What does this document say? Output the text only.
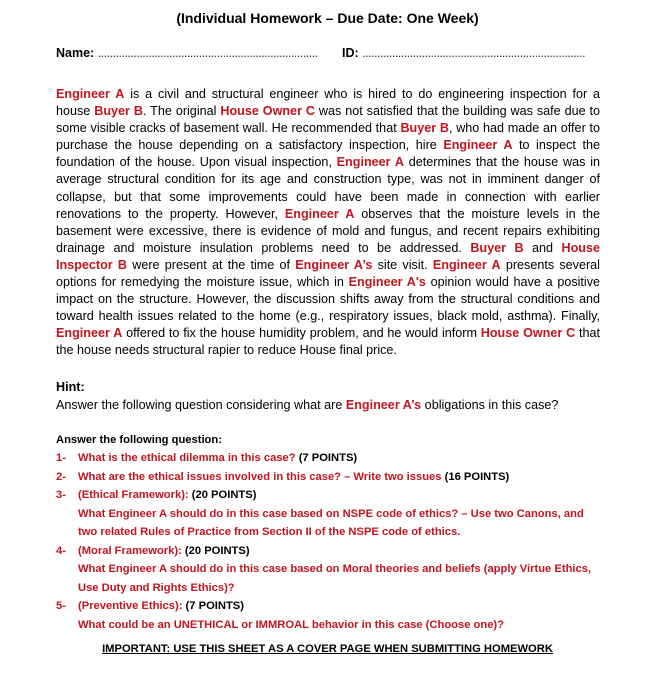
(Individual Homework – Due Date: One Week)
Name: .......................................................................... ID: ...........................................................................
Engineer A is a civil and structural engineer who is hired to do engineering inspection for a house Buyer B. The original House Owner C was not satisfied that the building was safe due to some visible cracks of basement wall. He recommended that Buyer B, who had made an offer to purchase the house depending on a satisfactory inspection, hire Engineer A to inspect the foundation of the house. Upon visual inspection, Engineer A determines that the house was in average structural condition for its age and construction type, was not in imminent danger of collapse, but that some improvements could have been made in connection with earlier renovations to the property. However, Engineer A observes that the moisture levels in the basement were excessive, there is evidence of mold and fungus, and recent repairs exhibiting drainage and moisture insulation problems need to be addressed. Buyer B and House Inspector B were present at the time of Engineer A’s site visit. Engineer A presents several options for remedying the moisture issue, which in Engineer A's opinion would have a positive impact on the structure. However, the discussion shifts away from the structural conditions and toward health issues related to the home (e.g., respiratory issues, black mold, asthma). Finally, Engineer A offered to fix the house humidity problem, and he would inform House Owner C that the house needs structural rapier to reduce House final price.
Hint:
Answer the following question considering what are Engineer A’s obligations in this case?
Answer the following question:
1- What is the ethical dilemma in this case? (7 POINTS)
2- What are the ethical issues involved in this case? – Write two issues (16 POINTS)
3- (Ethical Framework): (20 POINTS)
What Engineer A should do in this case based on NSPE code of ethics? – Use two Canons, and
two related Rules of Practice from Section II of the NSPE code of ethics.
4- (Moral Framework): (20 POINTS)
What Engineer A should do in this case based on Moral theories and beliefs (apply Virtue Ethics,
Use Duty and Rights Ethics)?
5- (Preventive Ethics): (7 POINTS)
What could be an UNETHICAL or IMMROAL behavior in this case (Choose one)?
IMPORTANT: USE THIS SHEET AS A COVER PAGE WHEN SUBMITTING HOMEWORK
